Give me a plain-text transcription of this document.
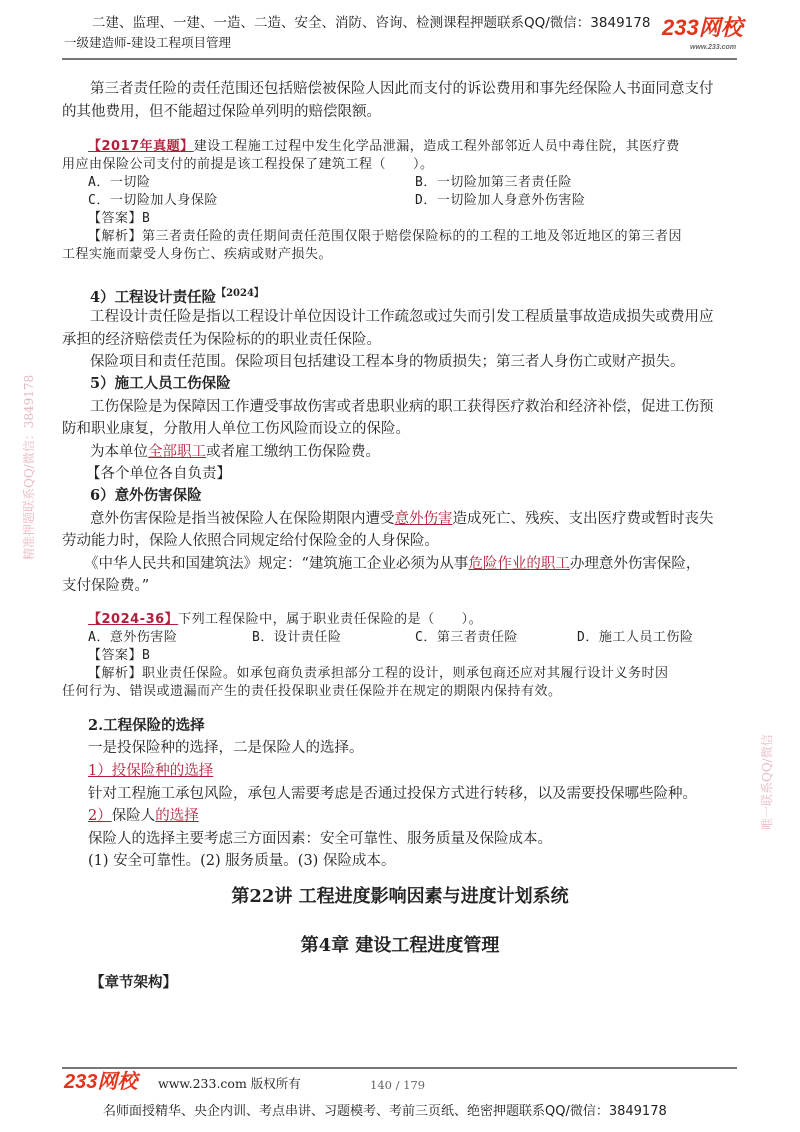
二建、监理、一建、一造、二造、安全、消防、咨询、检测课程押题联系QQ/微信：3849178
一级建造师-建设工程项目管理
233网校
www.233.com
精准押题联系QQ/微信：3849178
唯一联系QQ/微信
第三者责任险的责任范围还包括赔偿被保险人因此而支付的诉讼费用和事先经保险人书面同意支付
的其他费用，但不能超过保险单列明的赔偿限额。
【2017年真题】建设工程施工过程中发生化学品泄漏，造成工程外部邻近人员中毒住院，其医疗费
用应由保险公司支付的前提是该工程投保了建筑工程（　　）。
A．一切险	B．一切险加第三者责任险
C．一切险加人身保险	D．一切险加人身意外伤害险
【答案】B
【解析】第三者责任险的责任期间责任范围仅限于赔偿保险标的的工程的工地及邻近地区的第三者因
工程实施而蒙受人身伤亡、疾病或财产损失。
4）工程设计责任险$^{【2024】}$
工程设计责任险是指以工程设计单位因设计工作疏忽或过失而引发工程质量事故造成损失或费用应
承担的经济赔偿责任为保险标的的职业责任保险。
保险项目和责任范围。保险项目包括建设工程本身的物质损失；第三者人身伤亡或财产损失。
5）施工人员工伤保险
工伤保险是为保障因工作遭受事故伤害或者患职业病的职工获得医疗救治和经济补偿，促进工伤预
防和职业康复，分散用人单位工伤风险而设立的保险。
为本单位全部职工或者雇工缴纳工伤保险费。
【各个单位各自负责】
6）意外伤害保险
意外伤害保险是指当被保险人在保险期限内遭受意外伤害造成死亡、残疾、支出医疗费或暂时丧失
劳动能力时，保险人依照合同规定给付保险金的人身保险。
《中华人民共和国建筑法》规定：“建筑施工企业必须为从事危险作业的职工办理意外伤害保险，
支付保险费。”
【2024-36】下列工程保险中，属于职业责任保险的是（　　）。
A．意外伤害险	B．设计责任险	C．第三者责任险	D．施工人员工伤险
【答案】B
【解析】职业责任保险。如承包商负责承担部分工程的设计，则承包商还应对其履行设计义务时因
任何行为、错误或遗漏而产生的责任投保职业责任保险并在规定的期限内保持有效。
2.工程保险的选择
一是投保险种的选择，二是保险人的选择。
1）投保险种的选择
针对工程施工承包风险，承包人需要考虑是否通过投保方式进行转移，以及需要投保哪些险种。
2）保险人的选择
保险人的选择主要考虑三方面因素：安全可靠性、服务质量及保险成本。
(1) 安全可靠性。(2) 服务质量。(3) 保险成本。
第22讲 工程进度影响因素与进度计划系统
第4章 建设工程进度管理
【章节架构】
233网校 www.233.com 版权所有	140 / 179
名师面授精华、央企内训、考点串讲、习题模考、考前三页纸、绝密押题联系QQ/微信：3849178
